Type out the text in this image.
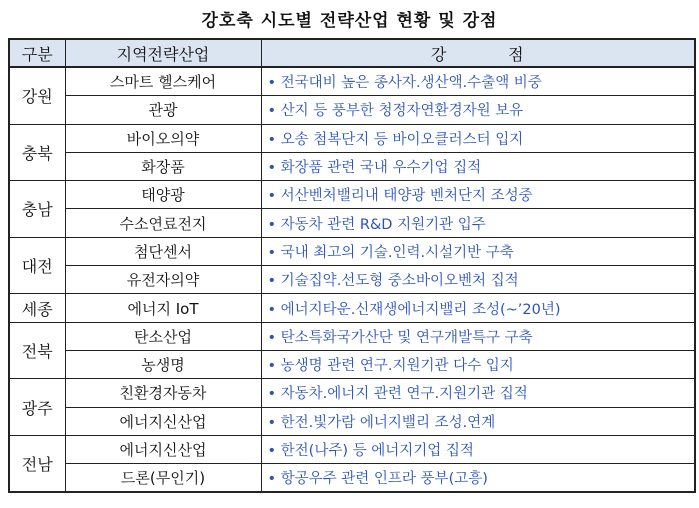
강호축 시도별 전략산업 현황 및 강점
구분	지역전략산업	강          점
강원	스마트 헬스케어	• 전국대비 높은 종사자.생산액.수출액 비중
	관광	• 산지 등 풍부한 청정자연환경자원 보유
충북	바이오의약	• 오송 첨복단지 등 바이오클러스터 입지
	화장품	• 화장품 관련 국내 우수기업 집적
충남	태양광	• 서산벤처밸리내 태양광 벤처단지 조성중
	수소연료전지	• 자동차 관련 R&D 지원기관 입주
대전	첨단센서	• 국내 최고의 기술.인력.시설기반 구축
	유전자의약	• 기술집약.선도형 중소바이오벤처 집적
세종	에너지 IoT	• 에너지타운.신재생에너지밸리 조성(~’20년)
전북	탄소산업	• 탄소특화국가산단 및 연구개발특구 구축
	농생명	• 농생명 관련 연구.지원기관 다수 입지
광주	친환경자동차	• 자동차.에너지 관련 연구.지원기관 집적
	에너지신산업	• 한전.빛가람 에너지밸리 조성.연계
전남	에너지신산업	• 한전(나주) 등 에너지기업 집적
	드론(무인기)	• 항공우주 관련 인프라 풍부(고흥)
